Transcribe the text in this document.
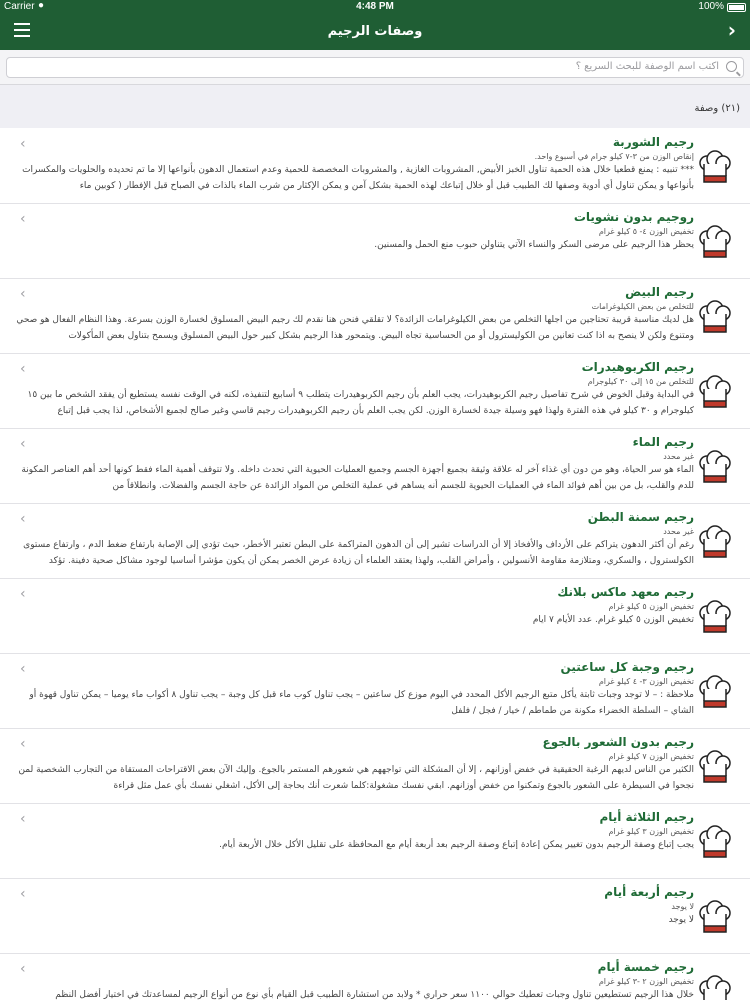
Carrier ●	4:48 PM	100%
وصفات الرجيم	›
اكتب اسم الوصفة للبحث السريع ؟
(٢١) وصفة
‹	رجيم الشوربة
إنقاص الوزن من ٣-٧ كيلو جرام في أسبوع واحد.
*** تنبيه : يمنع قطعيا خلال هذه الحمية تناول الخبز الأبيض, المشروبات الغازية , والمشروبات المخصصة للحمية وعدم استعمال الدهون بأنواعها إلا ما تم تحديده والحلويات والمكسرات بأنواعها و يمكن تناول أي أدوية وصفها لك الطبيب قبل أو خلال إتباعك لهذه الحمية بشكل آمن و يمكن الإكثار من شرب الماء بالذات في الصباح قبل الإفطار ( كوبين ماء
‹	روجيم بدون نشويات
تخفيض الوزن ٤- ٥ كيلو غرام
يحظر هذا الرجيم على مرضى السكر والنساء الآتي يتناولن حبوب منع الحمل والمسنين.
‹	رجيم البيض
للتخلص من بعض الكيلوغرامات
هل لديك مناسبة قريبة تحتاجين من اجلها التخلص من بعض الكيلوغرامات الزائدة؟ لا تقلقي فنحن هنا نقدم لك رجيم البيض المسلوق لخسارة الوزن بسرعة. وهذا النظام الفعال هو صحي ومتنوع ولكن لا ينصح به اذا كنت تعانين من الكوليسترول أو من الحساسية تجاه البيض. ويتمحور هذا الرجيم بشكل كبير حول البيض المسلوق ويسمح بتناول بعض المأكولات
‹	رجيم الكربوهيدرات
للتخلص من ١٥ إلى ٣٠ كيلوجرام
في البداية وقبل الخوض في شرح تفاصيل رجيم الكربوهيدرات، يجب العلم بأن رجيم الكربوهيدرات يتطلب ٩ أسابيع لتنفيذه، لكنه في الوقت نفسه يستطيع أن يفقد الشخص ما بين ١٥ كيلوجرام و ٣٠ كيلو في هذه الفترة ولهذا فهو وسيلة جيدة لخسارة الوزن. لكن يجب العلم بأن رجيم الكربوهيدرات رجيم قاسي وغير صالح لجميع الأشخاص، لذا يجب قبل إتباع
‹	رجيم الماء
غير محدد
الماء هو سر الحياة، وهو من دون أي غذاء آخر له علاقة وثيقة بجميع أجهزة الجسم وجميع العمليات الحيوية التي تحدث داخله. ولا تتوقف أهمية الماء فقط كونها أحد أهم العناصر المكونة للدم والقلب، بل من بين أهم فوائد الماء في العمليات الحيوية للجسم أنه يساهم في عملية التخلص من المواد الزائدة عن حاجة الجسم والفضلات. وانطلاقاً من
‹	رجيم سمنة البطن
غير محدد
رغم أن أكثر الدهون يتراكم على الأرداف والأفخاذ إلا أن الدراسات تشير إلى أن الدهون المتراكمة على البطن تعتبر الأخطر، حيث تؤدي إلى الإصابة بارتفاع ضغط الدم ، وارتفاع مستوى الكولسترول ، والسكري، ومتلازمة مقاومة الأنسولين ، وأمراض القلب، ولهذا يعتقد العلماء أن زيادة عرض الخصر يمكن أن يكون مؤشرا أساسيا لوجود مشاكل صحية دفينة. تؤكد
‹	رجيم معهد ماكس بلانك
تخفيض الوزن ٥ كيلو غرام
تخفيض الوزن ٥ كيلو غرام. عدد الأيام ٧ ايام
‹	رجيم وجبة كل ساعتين
تخفيض الوزن ٣- ٤ كيلو غرام
ملاحظة : – لا توجد وجبات ثابتة يأكل متبع الرجيم الأكل المحدد في اليوم موزع كل ساعتين – يجب تناول كوب ماء قبل كل وجبة – يجب تناول ٨ أكواب ماء يوميا – يمكن تناول قهوة أو الشاي – السلطة الخضراء مكونة من طماطم / خيار / فجل / فلفل
‹	رجيم بدون الشعور بالجوع
تخفيض الوزن ٧ كيلو غرام
الكثير من الناس لديهم الرغبة الحقيقية في خفض أوزانهم ، إلا أن المشكلة التي تواجههم هي شعورهم المستمر بالجوع. وإليك الآن بعض الاقتراحات المستقاة من التجارب الشخصية لمن نجحوا في السيطرة على الشعور بالجوع وتمكنوا من خفض أوزانهم. ابقي نفسك مشغولة:كلما شعرت أنك بحاجة إلى الأكل، اشغلي نفسك بأي عمل مثل قراءة
‹	رجيم الثلاثة أيام
تخفيض الوزن ٣ كيلو غرام
يجب إتباع وصفة الرجيم بدون تغيير يمكن إعادة إتباع وصفة الرجيم بعد أربعة أيام مع المحافظة على تقليل الأكل خلال الأربعة أيام.
‹	رجيم أربعة أيام
لا يوجد
لا يوجد
‹	رجيم خمسة أيام
تخفيض الوزن ٢ -٣ كيلو غرام
خلال هذا الرجيم تستطيعين تناول وجبات تعطيك حوالي ١١٠٠ سعر حراري * ولابد من استشارة الطبيب قبل القيام بأي نوع من أنواع الرجيم لمساعدتك في اختيار أفضل النظم
